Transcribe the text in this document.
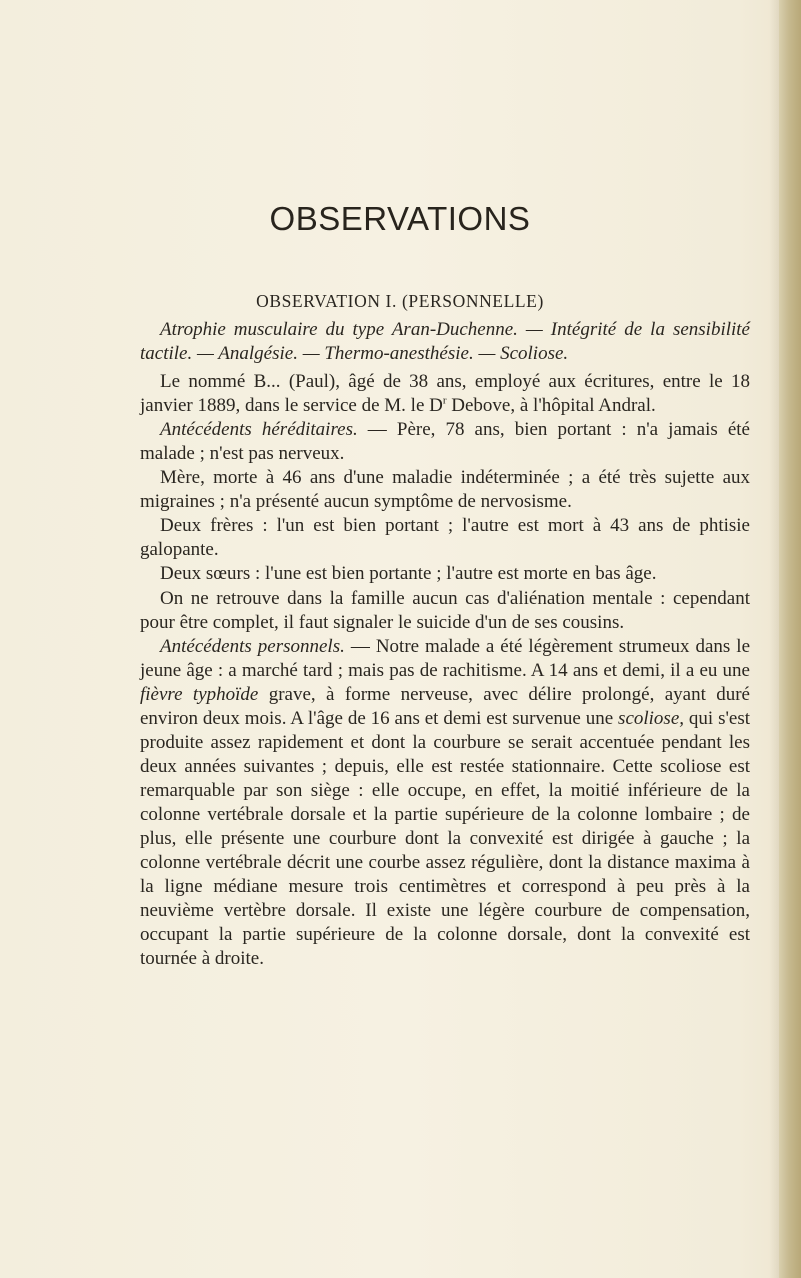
OBSERVATIONS
OBSERVATION I. (PERSONNELLE)

Atrophie musculaire du type Aran-Duchenne. — Intégrité de la sensibilité tactile. — Analgésie. — Thermo-anesthésie. — Scoliose.

Le nommé B... (Paul), âgé de 38 ans, employé aux écritures, entre le 18 janvier 1889, dans le service de M. le $D^r$ Debove, à l'hôpital Andral.

Antécédents héréditaires. — Père, 78 ans, bien portant : n'a jamais été malade ; n'est pas nerveux.

Mère, morte à 46 ans d'une maladie indéterminée ; a été très sujette aux migraines ; n'a présenté aucun symptôme de nervosisme.

Deux frères : l'un est bien portant ; l'autre est mort à 43 ans de phtisie galopante.

Deux sœurs : l'une est bien portante ; l'autre est morte en bas âge.

On ne retrouve dans la famille aucun cas d'aliénation mentale : cependant pour être complet, il faut signaler le suicide d'un de ses cousins.

Antécédents personnels. — Notre malade a été légèrement strumeux dans le jeune âge : a marché tard ; mais pas de rachitisme. A 14 ans et demi, il a eu une fièvre typhoïde grave, à forme nerveuse, avec délire prolongé, ayant duré environ deux mois. A l'âge de 16 ans et demi est survenue une scoliose, qui s'est produite assez rapidement et dont la courbure se serait accentuée pendant les deux années suivantes ; depuis, elle est restée stationnaire. Cette scoliose est remarquable par son siège : elle occupe, en effet, la moitié inférieure de la colonne vertébrale dorsale et la partie supérieure de la colonne lombaire ; de plus, elle présente une courbure dont la convexité est dirigée à gauche ; la colonne vertébrale décrit une courbe assez régulière, dont la distance maxima à la ligne médiane mesure trois centimètres et correspond à peu près à la neuvième vertèbre dorsale. Il existe une légère courbure de compensation, occupant la partie supérieure de la colonne dorsale, dont la convexité est tournée à droite.
